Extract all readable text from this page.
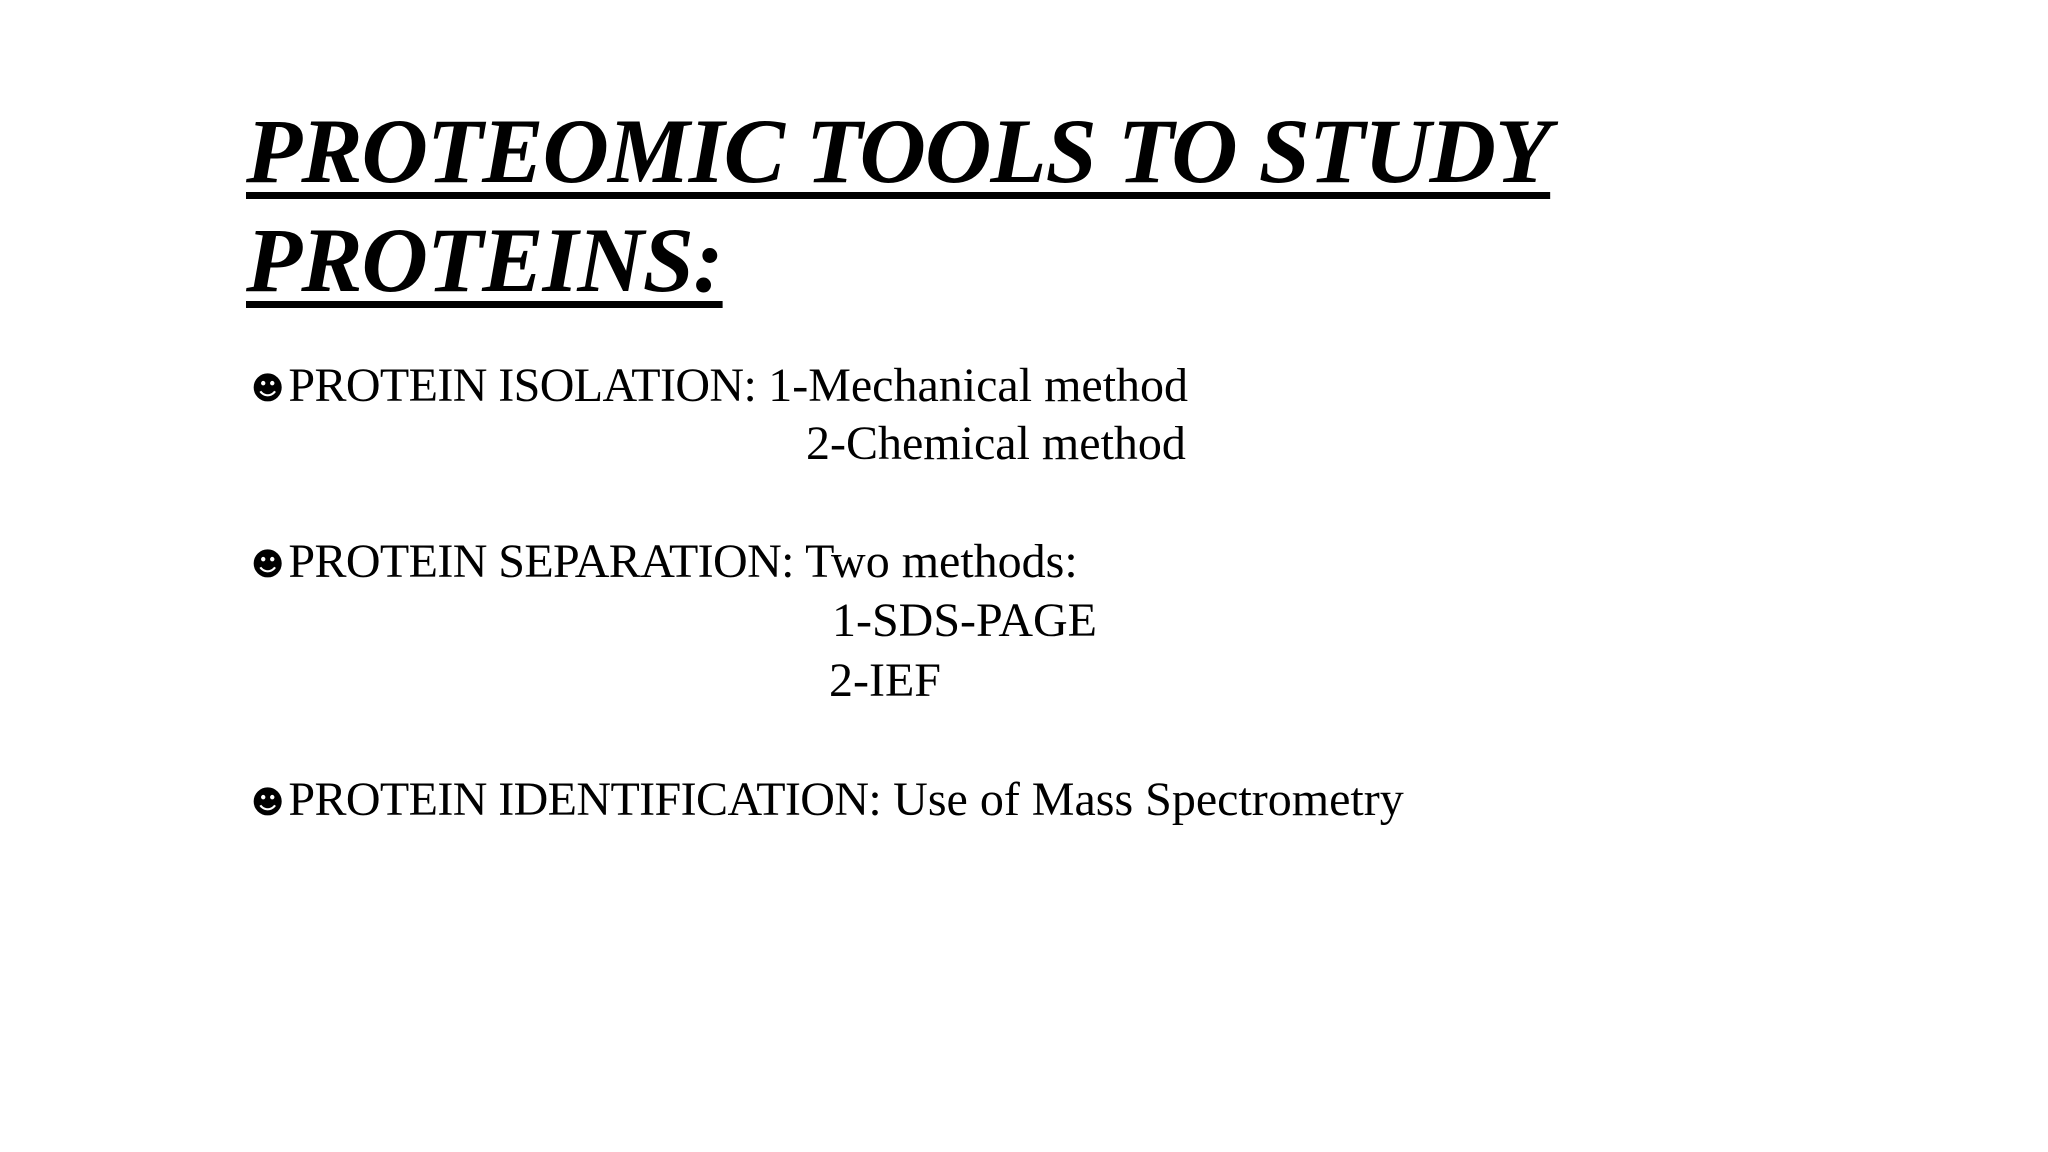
PROTEOMIC TOOLS TO STUDY
PROTEINS:

☻PROTEIN ISOLATION: 1-Mechanical method

2-Chemical method

☻PROTEIN SEPARATION: Two methods:

1-SDS-PAGE

2-IEF

☻PROTEIN IDENTIFICATION: Use of Mass Spectrometry
